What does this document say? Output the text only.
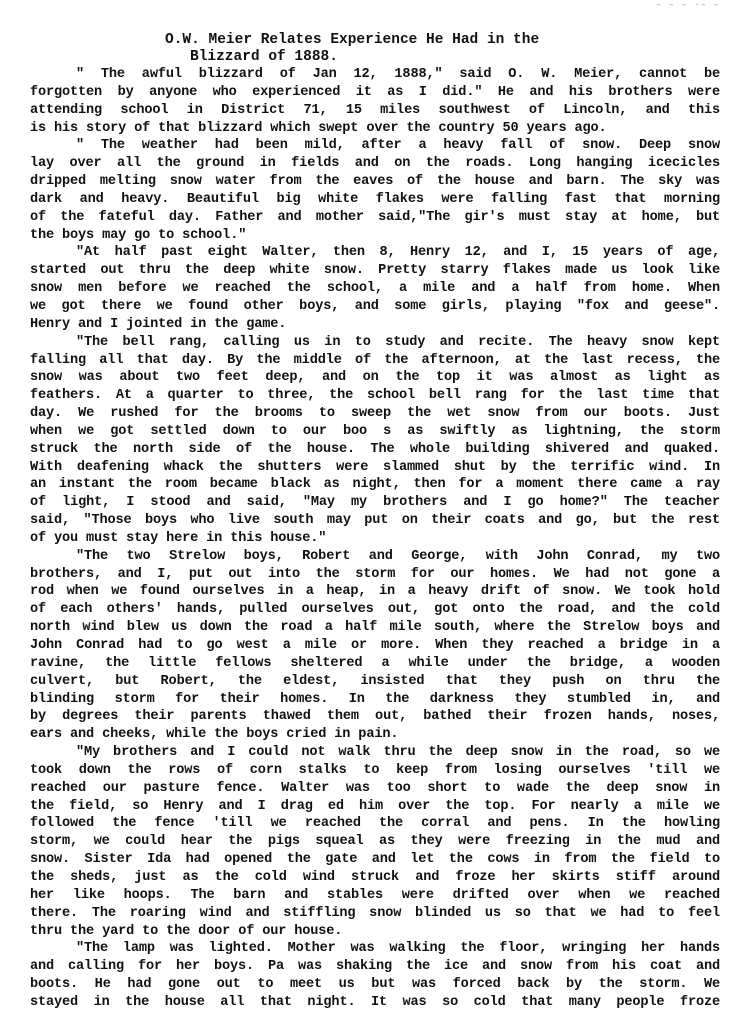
‒ ‒ ‒ ·‒ ‒
O.W. Meier Relates Experience He Had in the
Blizzard of 1888.
" The awful blizzard of Jan 12, 1888," said O. W. Meier, cannot be
forgotten by anyone who experienced it as I did." He and his brothers were
attending school in District 71, 15 miles southwest of Lincoln, and this
is his story of that blizzard which swept over the country 50 years ago.
" The weather had been mild, after a heavy fall of snow. Deep snow
lay over all the ground in fields and on the roads. Long hanging icecicles
dripped melting snow water from the eaves of the house and barn. The sky was
dark and heavy. Beautiful big white flakes were falling fast that morning
of the fateful day. Father and mother said,"The gir's must stay at home, but
the boys may go to school."
"At half past eight Walter, then 8, Henry 12, and I, 15 years of age,
started out thru the deep white snow. Pretty starry flakes made us look like
snow men before we reached the school, a mile and a half from home. When
we got there we found other boys, and some girls, playing "fox and geese".
Henry and I jointed in the game.
"The bell rang, calling us in to study and recite. The heavy snow kept
falling all that day. By the middle of the afternoon, at the last recess, the
snow was about two feet deep, and on the top it was almost as light as
feathers. At a quarter to three, the school bell rang for the last time that
day. We rushed for the brooms to sweep the wet snow from our boots. Just
when we got settled down to our boo s as swiftly as lightning, the storm
struck the north side of the house. The whole building shivered and quaked.
With deafening whack the shutters were slammed shut by the terrific wind. In
an instant the room became black as night, then for a moment there came a ray
of light, I stood and said, "May my brothers and I go home?" The teacher
said, "Those boys who live south may put on their coats and go, but the rest
of you must stay here in this house."
"The two Strelow boys, Robert and George, with John Conrad, my two
brothers, and I, put out into the storm for our homes. We had not gone a
rod when we found ourselves in a heap, in a heavy drift of snow. We took hold
of each others' hands, pulled ourselves out, got onto the road, and the cold
north wind blew us down the road a half mile south, where the Strelow boys and
John Conrad had to go west a mile or more. When they reached a bridge in a
ravine, the little fellows sheltered a while under the bridge, a wooden
culvert, but Robert, the eldest, insisted that they push on thru the
blinding storm for their homes. In the darkness they stumbled in, and
by degrees their parents thawed them out, bathed their frozen hands, noses,
ears and cheeks, while the boys cried in pain.
"My brothers and I could not walk thru the deep snow in the road, so we
took down the rows of corn stalks to keep from losing ourselves 'till we
reached our pasture fence. Walter was too short to wade the deep snow in
the field, so Henry and I drag ed him over the top. For nearly a mile we
followed the fence 'till we reached the corral and pens. In the howling
storm, we could hear the pigs squeal as they were freezing in the mud and
snow. Sister Ida had opened the gate and let the cows in from the field to
the sheds, just as the cold wind struck and froze her skirts stiff around
her like hoops. The barn and stables were drifted over when we reached
there. The roaring wind and stiffling snow blinded us so that we had to feel
thru the yard to the door of our house.
"The lamp was lighted. Mother was walking the floor, wringing her hands
and calling for her boys. Pa was shaking the ice and snow from his coat and
boots. He had gone out to meet us but was forced back by the storm. We
stayed in the house all that night. It was so cold that many people froze
